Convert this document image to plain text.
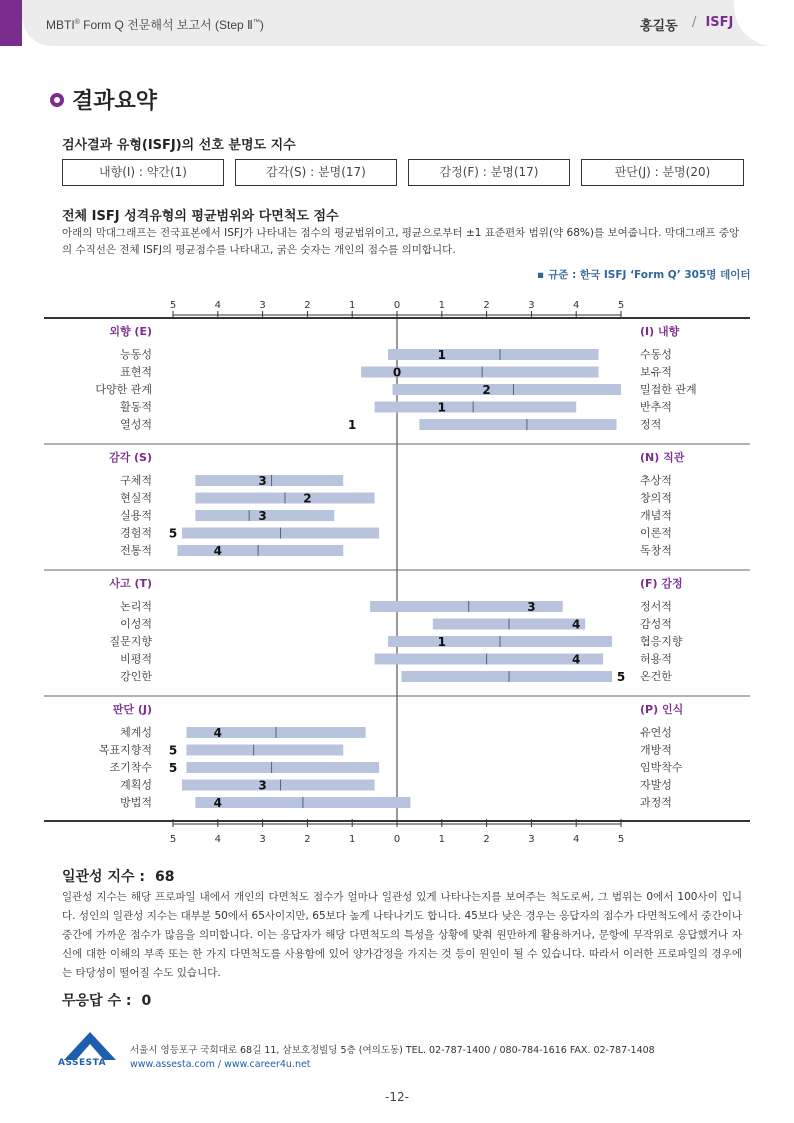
MBTI® Form Q 전문해석 보고서 (Step Ⅱ™)	홍길동 / ISFJ
결과요약
검사결과 유형(ISFJ)의 선호 분명도 지수
내향(I) : 약간(1)	감각(S) : 분명(17)	감정(F) : 분명(17)	판단(J) : 분명(20)
전체 ISFJ 성격유형의 평균범위와 다면척도 점수
아래의 막대그래프는 전국표본에서 ISFJ가 나타내는 점수의 평균범위이고, 평균으로부터 ±1 표준편차 범위(약 68%)를 보여줍니다. 막대그래프 중앙의 수직선은 전체 ISFJ의 평균점수를 나타내고, 굵은 숫자는 개인의 점수를 의미합니다.
▪ 규준 : 한국 ISFJ ‘Form Q’ 305명 데이터
5
5
4
4
3
3
2
2
1
1
0
0
1
1
2
2
3
3
4
4
5
5
외향 (E)	(I) 내향
능동성	수동성
1
표현적	보유적
0
다양한 관계	밀접한 관계
2
활동적	반추적
1
열성적	정적
1
감각 (S)	(N) 직관
구체적	추상적
3
현실적	창의적
2
실용적	개념적
3
경험적	이론적
5
전통적	독창적
4
사고 (T)	(F) 감정
논리적	정서적
3
이성적	감성적
4
질문지향	협응지향
1
비평적	허용적
4
강인한	온건한
5
판단 (J)	(P) 인식
체계성	유연성
4
목표지향적	개방적
5
조기착수	임박착수
5
계획성	자발성
3
방법적	과정적
4
일관성 지수 : 68
일관성 지수는 해당 프로파일 내에서 개인의 다면척도 점수가 얼마나 일관성 있게 나타나는지를 보여주는 척도로써, 그 범위는 0에서 100사이 입니다. 성인의 일관성 지수는 대부분 50에서 65사이지만, 65보다 높게 나타나기도 합니다. 45보다 낮은 경우는 응답자의 점수가 다면척도에서 중간이나 중간에 가까운 점수가 많음을 의미합니다. 이는 응답자가 해당 다면척도의 특성을 상황에 맞춰 원만하게 활용하거나, 문항에 무작위로 응답했거나 자신에 대한 이해의 부족 또는 한 가지 다면척도를 사용함에 있어 양가감정을 가지는 것 등이 원인이 될 수 있습니다. 따라서 이러한 프로파일의 경우에는 타당성이 떨어질 수도 있습니다.
무응답 수 : 0
ASSESTA
서울시 영등포구 국회대로 68길 11, 삼보호정빌딩 5층 (여의도동) TEL. 02-787-1400 / 080-784-1616 FAX. 02-787-1408
www.assesta.com / www.career4u.net
-12-
